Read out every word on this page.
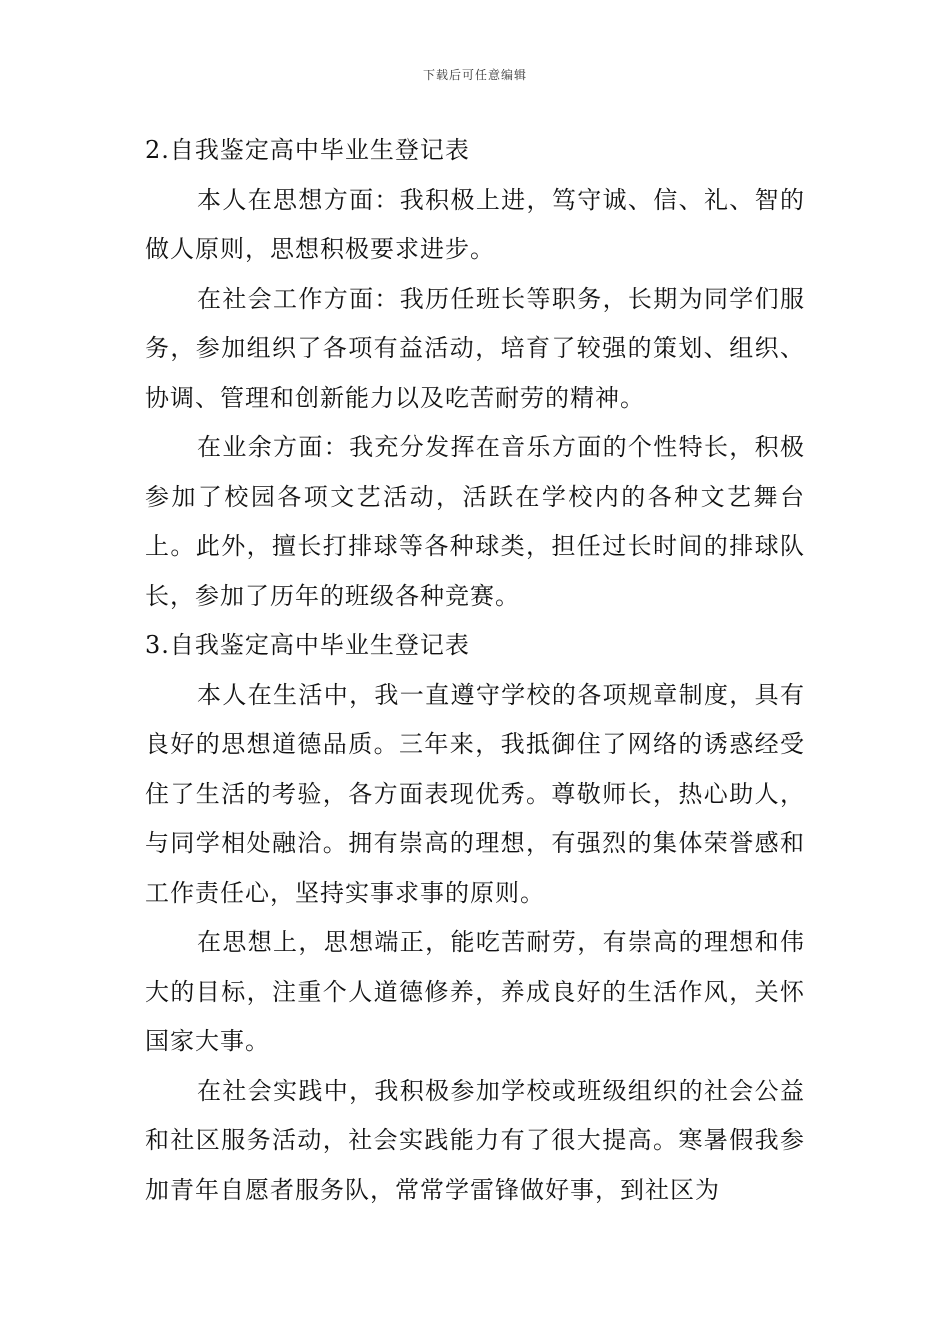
下载后可任意编辑
2.自我鉴定高中毕业生登记表

本人在思想方面：我积极上进，笃守诚、信、礼、智的做人原则，思想积极要求进步。

在社会工作方面：我历任班长等职务，长期为同学们服务，参加组织了各项有益活动，培育了较强的策划、组织、协调、管理和创新能力以及吃苦耐劳的精神。

在业余方面：我充分发挥在音乐方面的个性特长，积极参加了校园各项文艺活动，活跃在学校内的各种文艺舞台上。此外，擅长打排球等各种球类，担任过长时间的排球队长，参加了历年的班级各种竞赛。

3.自我鉴定高中毕业生登记表

本人在生活中，我一直遵守学校的各项规章制度，具有良好的思想道德品质。三年来，我抵御住了网络的诱惑经受住了生活的考验，各方面表现优秀。尊敬师长，热心助人，与同学相处融洽。拥有崇高的理想，有强烈的集体荣誉感和工作责任心，坚持实事求事的原则。

在思想上，思想端正，能吃苦耐劳，有崇高的理想和伟大的目标，注重个人道德修养，养成良好的生活作风，关怀国家大事。

在社会实践中，我积极参加学校或班级组织的社会公益和社区服务活动，社会实践能力有了很大提高。寒暑假我参加青年自愿者服务队，常常学雷锋做好事，到社区为
